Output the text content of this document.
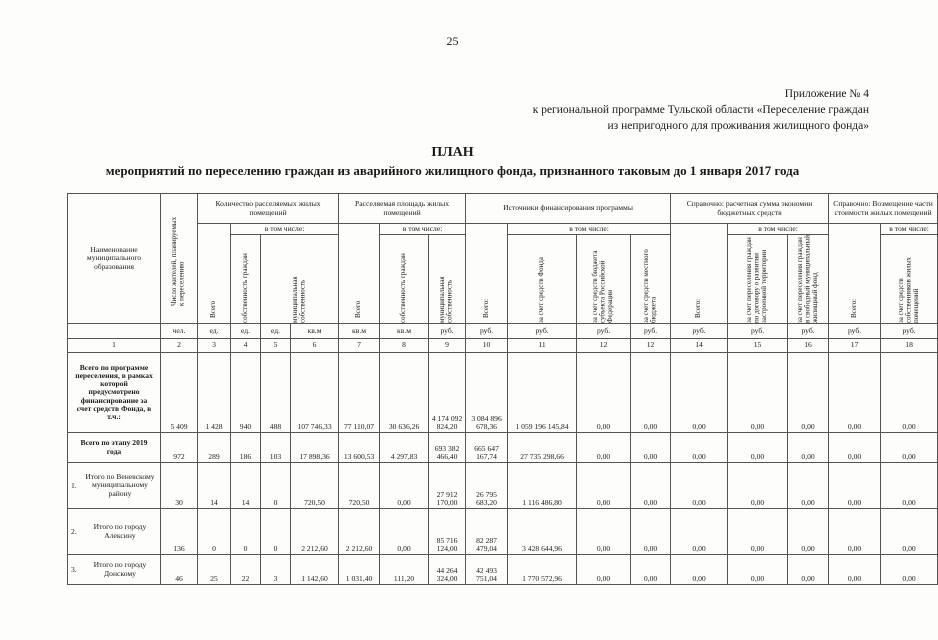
25
Приложение № 4
к региональной программе Тульской области «Переселение граждан
из непригодного для проживания жилищного фонда»
ПЛАН
мероприятий по переселению граждан из аварийного жилищного фонда, признанного таковым до 1 января 2017 года
Наименование муниципального образования	Число жителей, планируемых к переселению	Количество расселяемых жилых помещений				Расселяемая площадь жилых помещений			Источники финансирования программы				Справочно: расчетная сумма экономии бюджетных средств			Справочно: Возмещение части стоимости жилых помещений		

		Всего	в том числе:			Всего	в том числе:		Всего:	в том числе:			Всего:	в том числе:		Всего:	в том числе:	

			собственность граждан	муниципальная собственность			собственность граждан	муниципальная собственность		за счет средств Фонда	за счет средств бюджета субъекта Российской Федерации	за счет средств местного бюджета		за счет переселения граждан по договору о развитии застроенной территории	за счет переселения граждан в свободный муниципальный жилищный фонд		за счет средств собственников жилых помещений

	чел.	ед.	ед.	ед.	кв.м	кв.м	кв.м	руб.	руб.	руб.	руб.	руб.	руб.	руб.	руб.	руб.	руб.	
1	2	3	4	5	6	7	8	9	10	11	12	12	14	15	16	17	18	

Всего по программе переселения, в рамках которой предусмотрено финансирование за счет средств Фонда, в т.ч.:	5 409	1 428	940	488	107 746,33	77 110,07	30 636,26	4 174 092 824,20	3 084 896 678,36	1 059 196 145,84	0,00	0,00	0,00	0,00	0,00	0,00	0,00	

Всего по этапу 2019 года	972	289	186	103	17 898,36	13 600,53	4 297,83	693 382 466,40	665 647 167,74	27 735 298,66	0,00	0,00	0,00	0,00	0,00	0,00	0,00	

1.
Итого по Веневскому муниципальному району	30	14	14	0	720,50	720,50	0,00	27 912 170,00	26 795 683,20	1 116 486,80	0,00	0,00	0,00	0,00	0,00	0,00	0,00	

2. Итого по городу Алексину	136	0	0	0	2 212,60	2 212,60	0,00	85 716 124,00	82 287 479,04	3 428 644,96	0,00	0,00	0,00	0,00	0,00	0,00	0,00	

3. Итого по городу Донскому	46	25	22	3	1 142,60	1 031,40	111,20	44 264 324,00	42 493 751,04	1 770 572,96	0,00	0,00	0,00	0,00	0,00	0,00	0,00	
